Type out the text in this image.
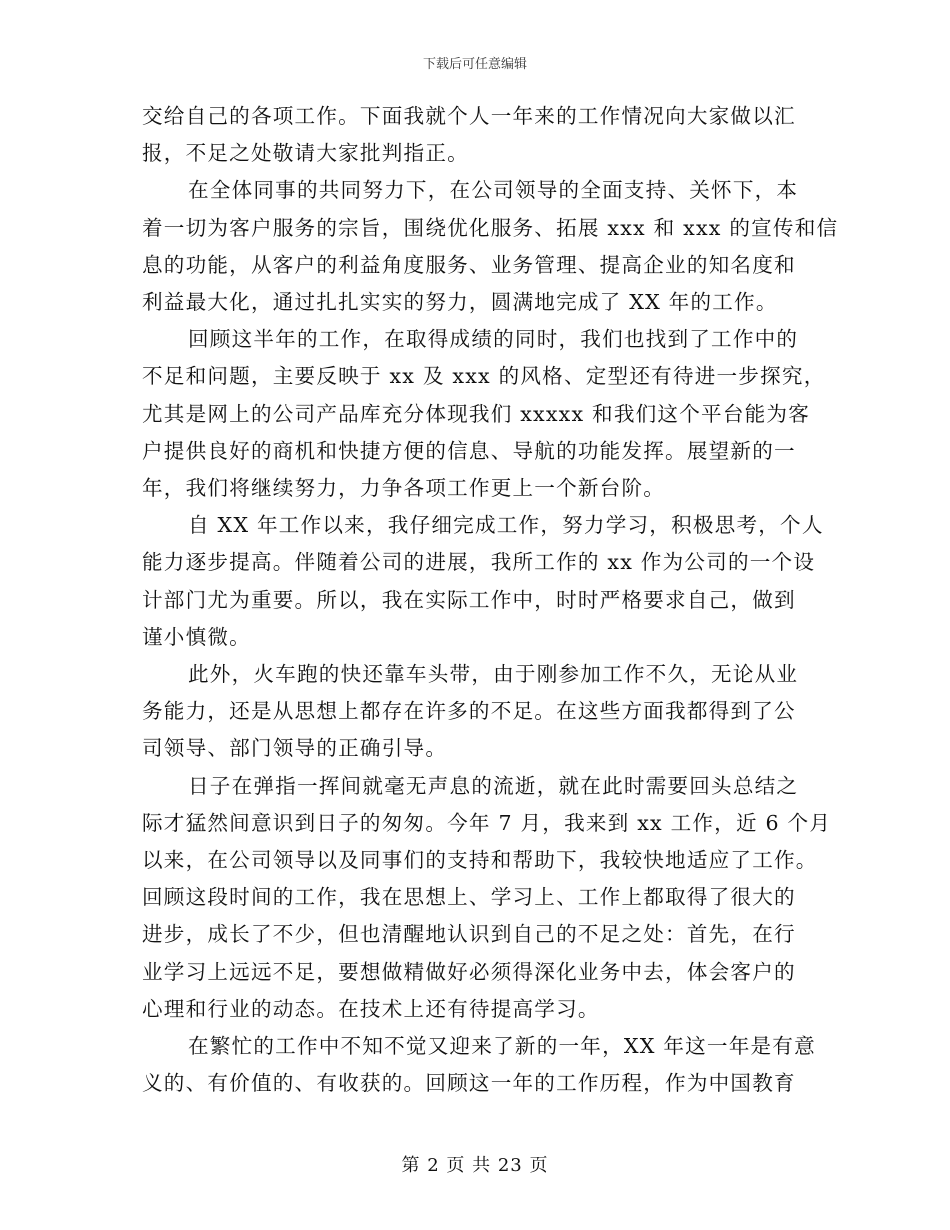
下载后可任意编辑

交给自己的各项工作。下面我就个人一年来的工作情况向大家做以汇
报，不足之处敬请大家批判指正。

在全体同事的共同努力下，在公司领导的全面支持、关怀下，本
着一切为客户服务的宗旨，围绕优化服务、拓展 xxx 和 xxx 的宣传和信
息的功能，从客户的利益角度服务、业务管理、提高企业的知名度和
利益最大化，通过扎扎实实的努力，圆满地完成了 XX 年的工作。

回顾这半年的工作，在取得成绩的同时，我们也找到了工作中的
不足和问题，主要反映于 xx 及 xxx 的风格、定型还有待进一步探究，
尤其是网上的公司产品库充分体现我们 xxxxx 和我们这个平台能为客
户提供良好的商机和快捷方便的信息、导航的功能发挥。展望新的一
年，我们将继续努力，力争各项工作更上一个新台阶。

自 XX 年工作以来，我仔细完成工作，努力学习，积极思考，个人
能力逐步提高。伴随着公司的进展，我所工作的 xx 作为公司的一个设
计部门尤为重要。所以，我在实际工作中，时时严格要求自己，做到
谨小慎微。

此外，火车跑的快还靠车头带，由于刚参加工作不久，无论从业
务能力，还是从思想上都存在许多的不足。在这些方面我都得到了公
司领导、部门领导的正确引导。

日子在弹指一挥间就毫无声息的流逝，就在此时需要回头总结之
际才猛然间意识到日子的匆匆。今年 7 月，我来到 xx 工作，近 6 个月
以来，在公司领导以及同事们的支持和帮助下，我较快地适应了工作。
回顾这段时间的工作，我在思想上、学习上、工作上都取得了很大的
进步，成长了不少，但也清醒地认识到自己的不足之处：首先，在行
业学习上远远不足，要想做精做好必须得深化业务中去，体会客户的
心理和行业的动态。在技术上还有待提高学习。

在繁忙的工作中不知不觉又迎来了新的一年，XX 年这一年是有意
义的、有价值的、有收获的。回顾这一年的工作历程，作为中国教育

第 2 页 共 23 页
